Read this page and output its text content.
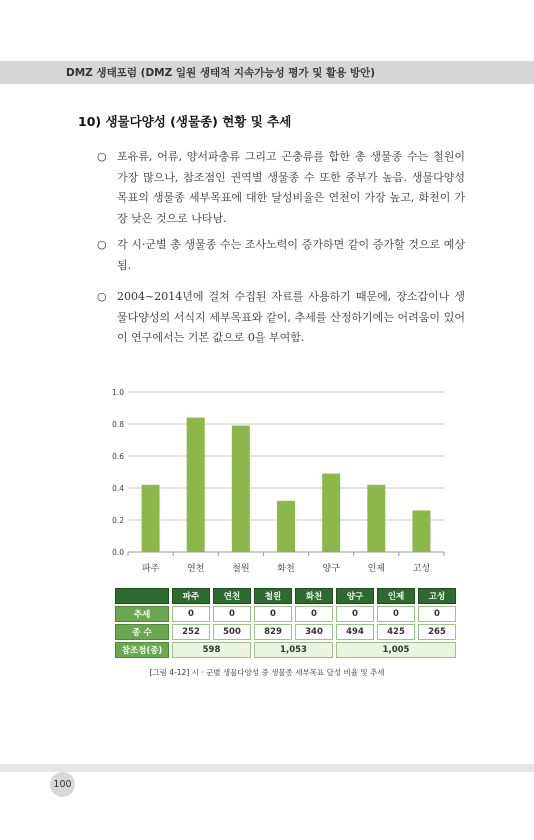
DMZ 생태포럼 (DMZ 일원 생태적 지속가능성 평가 및 활용 방안)
10) 생물다양성 (생물종) 현황 및 추세
○ 포유류, 어류, 양서파충류 그리고 곤충류를 합한 총 생물종 수는 철원이 가장 많으나, 참조점인 권역별 생물종 수 또한 중부가 높음. 생물다양성 목표의 생물종 세부목표에 대한 달성비율은 연천이 가장 높고, 화천이 가장 낮은 것으로 나타남.
○ 각 시·군별 총 생물종 수는 조사노력이 증가하면 같이 증가할 것으로 예상됨.
○ 2004~2014년에 걸쳐 수집된 자료를 사용하기 때문에, 장소갑이나 생물다양성의 서식지 세부목표와 같이, 추세를 산정하기에는 어려움이 있어 이 연구에서는 기본 값으로 0을 부여함.
0.0
0.2
0.4
0.6
0.8
1.0
파주	연천	철원	화천	양구	인제	고성
	파주	연천	철원	화천	양구	인제	고성
추세	0	0	0	0	0	0	0
종 수	252	500	829	340	494	425	265
참조점(종)	598		1,053		1,005		
[그림 4-12] 시 · 군별 생물다양성 중 생물종 세부목표 달성 비율 및 추세
100
